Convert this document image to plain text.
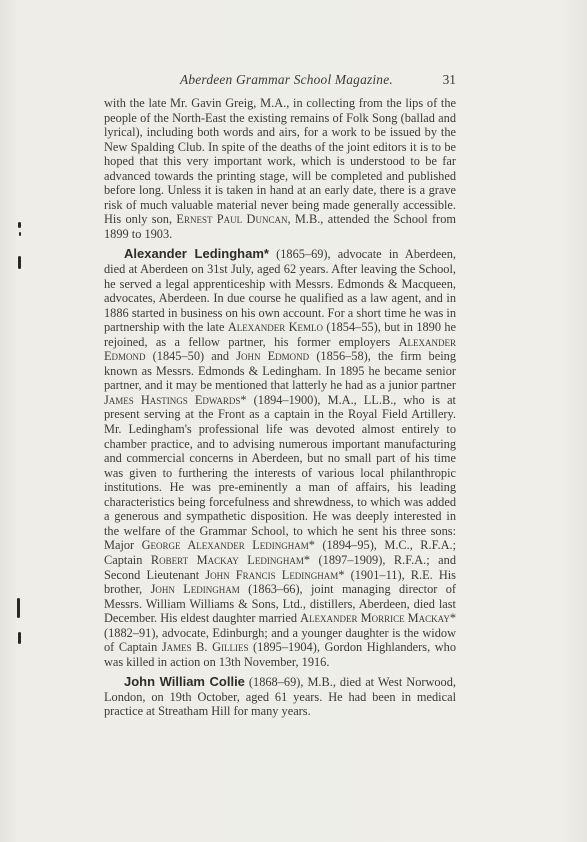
Aberdeen Grammar School Magazine.	31

with the late Mr. Gavin Greig, M.A., in collecting from the lips of the people of the North-East the existing remains of Folk Song (ballad and lyrical), including both words and airs, for a work to be issued by the New Spalding Club. In spite of the deaths of the joint editors it is to be hoped that this very important work, which is understood to be far advanced towards the printing stage, will be completed and published before long. Unless it is taken in hand at an early date, there is a grave risk of much valuable material never being made generally accessible. His only son, Ernest Paul Duncan, M.B., attended the School from 1899 to 1903.

Alexander Ledingham* (1865–69), advocate in Aberdeen, died at Aberdeen on 31st July, aged 62 years. After leaving the School, he served a legal apprenticeship with Messrs. Edmonds & Macqueen, advocates, Aberdeen. In due course he qualified as a law agent, and in 1886 started in business on his own account. For a short time he was in partnership with the late Alexander Kemlo (1854–55), but in 1890 he rejoined, as a fellow partner, his former employers Alexander Edmond (1845–50) and John Edmond (1856–58), the firm being known as Messrs. Edmonds & Ledingham. In 1895 he became senior partner, and it may be mentioned that latterly he had as a junior partner James Hastings Edwards* (1894–1900), M.A., LL.B., who is at present serving at the Front as a captain in the Royal Field Artillery. Mr. Ledingham's professional life was devoted almost entirely to chamber practice, and to advising numerous important manufacturing and commercial concerns in Aberdeen, but no small part of his time was given to furthering the interests of various local philanthropic institutions. He was pre-eminently a man of affairs, his leading characteristics being forcefulness and shrewdness, to which was added a generous and sympathetic disposition. He was deeply interested in the welfare of the Grammar School, to which he sent his three sons: Major George Alexander Ledingham* (1894–95), M.C., R.F.A.; Captain Robert Mackay Ledingham* (1897–1909), R.F.A.; and Second Lieutenant John Francis Ledingham* (1901–11), R.E. His brother, John Ledingham (1863–66), joint managing director of Messrs. William Williams & Sons, Ltd., distillers, Aberdeen, died last December. His eldest daughter married Alexander Morrice Mackay* (1882–91), advocate, Edinburgh; and a younger daughter is the widow of Captain James B. Gillies (1895–1904), Gordon Highlanders, who was killed in action on 13th November, 1916.

John William Collie (1868–69), M.B., died at West Norwood, London, on 19th October, aged 61 years. He had been in medical practice at Streatham Hill for many years.
